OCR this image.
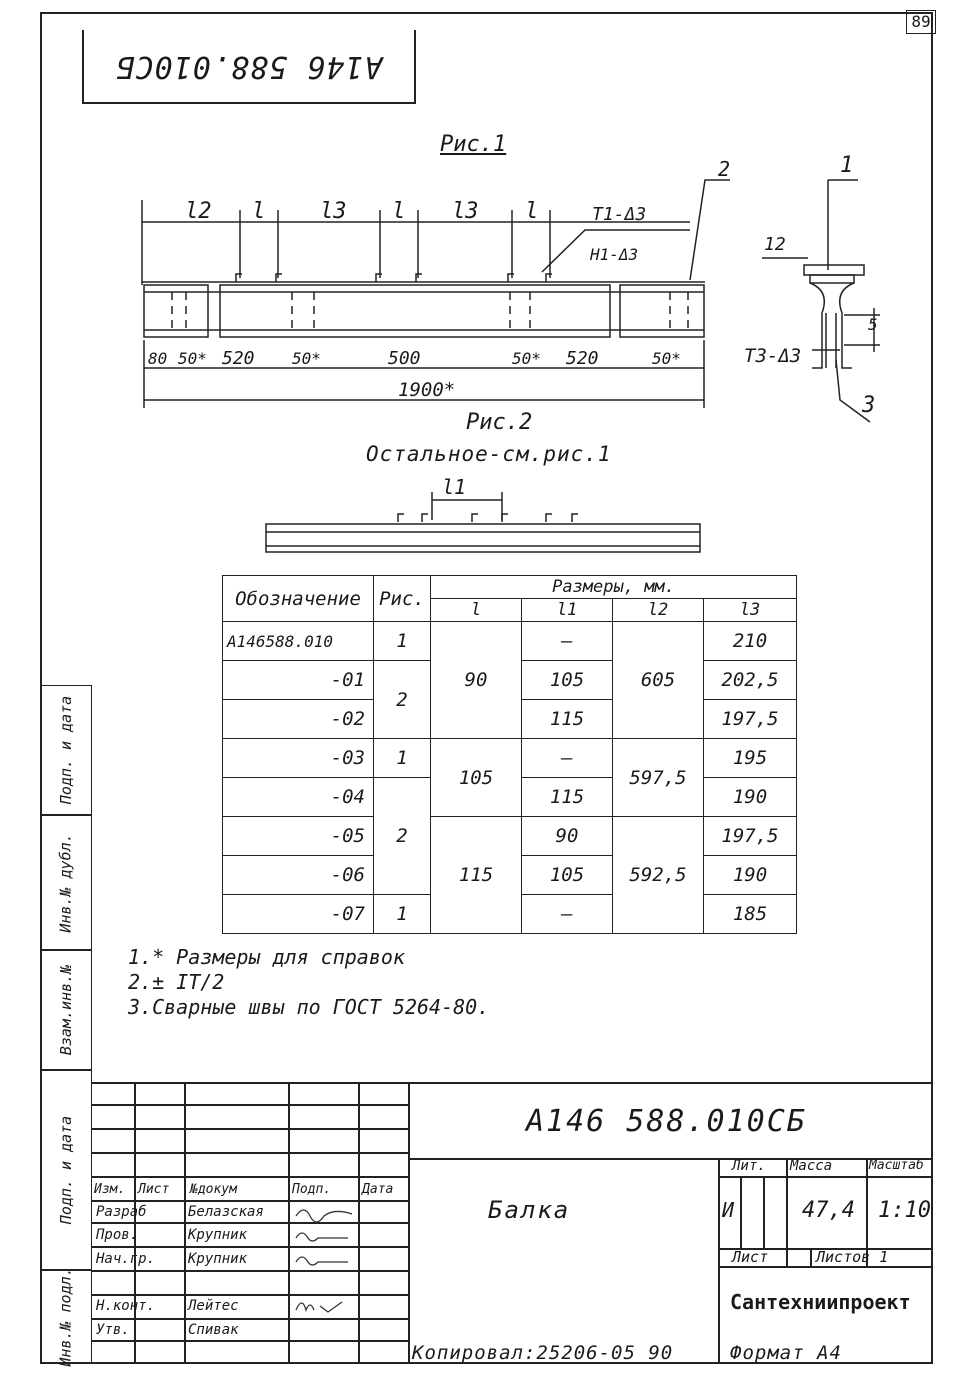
89
А146 588.010СБ
Рис.1
l2 l l3 l l3 l	Т1-Δ3
Н1-Δ3
2
80 50* 520 50*	500	50* 520	50*
1900*
1
12
5
Т3-Δ3
3
Рис.2
Остальное-см.рис.1
l1
Обозначение	Рис.	Размеры, мм.			
		l	l1	l2	l3
А146588.010	1	90	—	605	210
-01	2		105		202,5
-02			115		197,5
-03	1	105	—	597,5	195
-04	2		115		190
-05		115	90	592,5	197,5
-06			105		190
-07	1		—		185
1.* Размеры для справок
2.± IT/2
3.Сварные швы по ГОСТ 5264-80.
Инв.№ подл.
Подп. и дата
Взам.инв.№
Инв.№ дубл.
Подп. и дата
Изм. Лист №докум	Подп. Дата
Разраб	Белазская
Пров.	Крупник
Нач.гр. Крупник
Н.конт. Лейтес
Утв.	Спивак
А146 588.010СБ
Балка
Лит. Масса	Масштаб
И	47,4 1:10
Лист	Листов 1
Сантехниипроект
Копировал:25206-05 90	Формат А4
